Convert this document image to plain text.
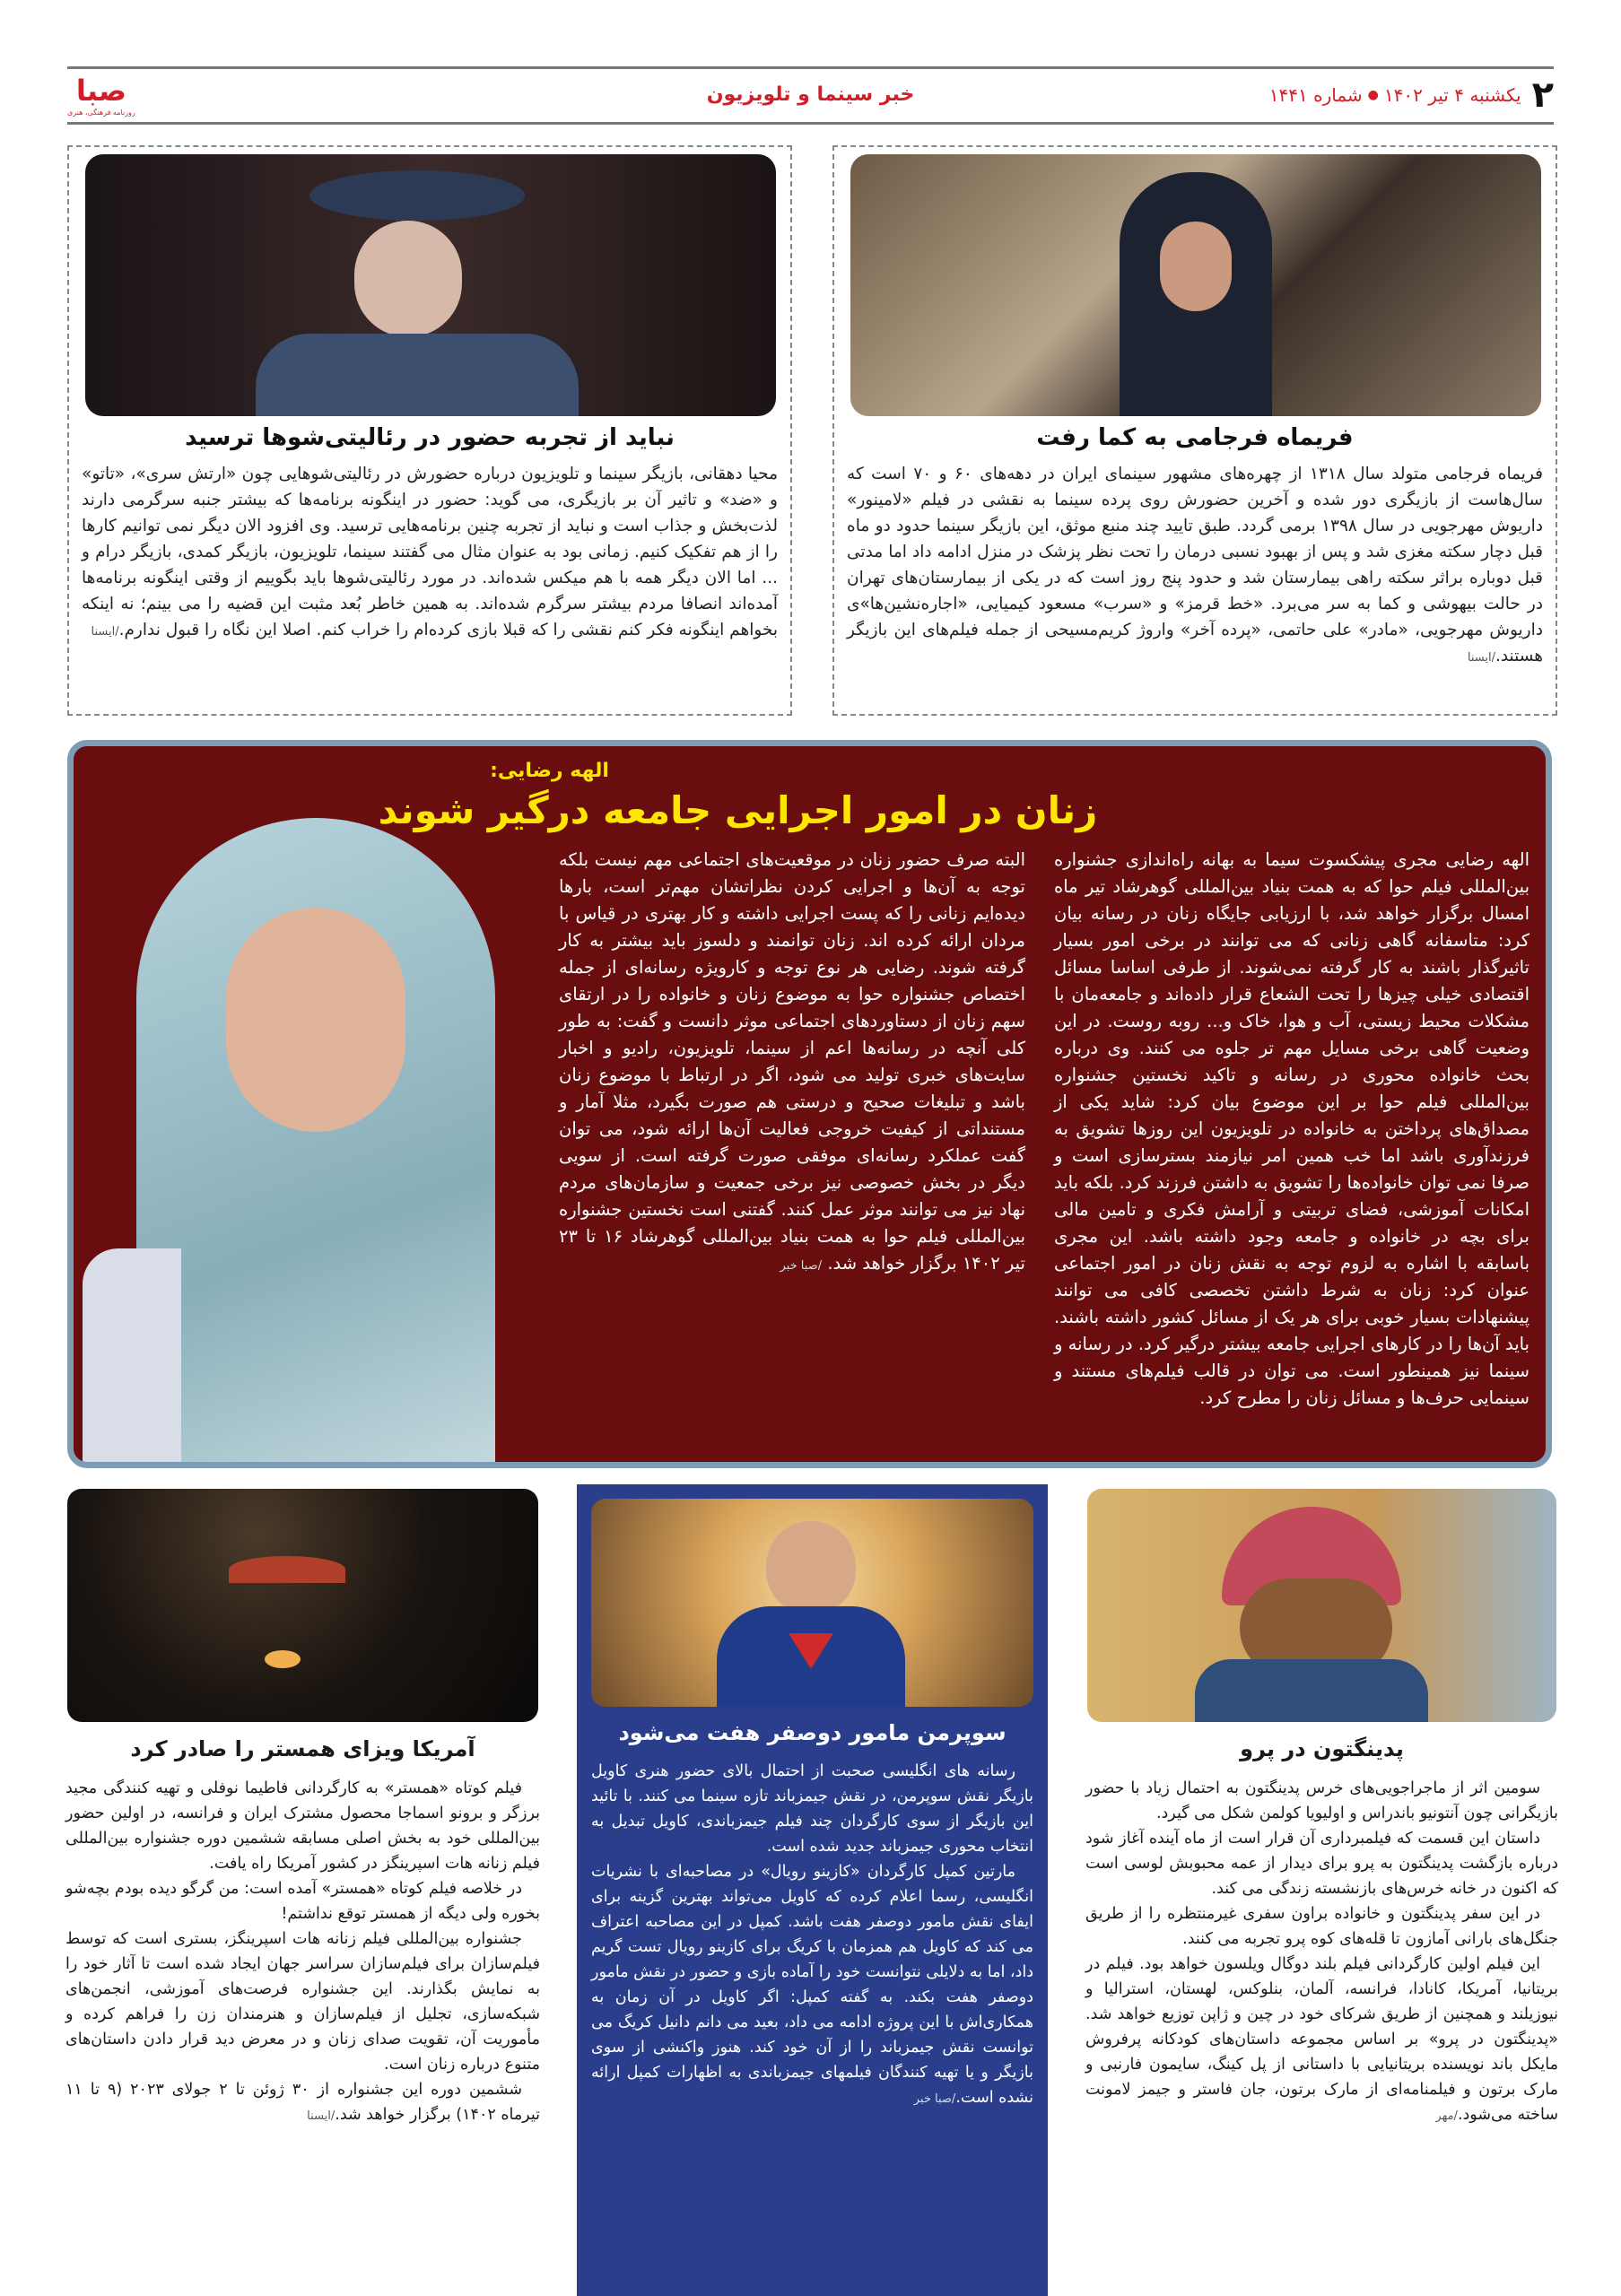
۲
یکشنبه ۴ تیر ۱۴۰۲
●
شماره ۱۴۴۱
خبر سینما و تلویزیون
صبا
روزنامه فرهنگی، هنری
فریماه فرجامی به کما رفت

فریماه فرجامی متولد سال ۱۳۱۸ از چهره‌های مشهور سینمای ایران در دهه‌های ۶۰ و ۷۰ است که سال‌هاست از بازیگری دور شده و آخرین حضورش روی پرده سینما به نقشی در فیلم «لامینور» داریوش مهرجویی در سال ۱۳۹۸ برمی گردد. طبق تایید چند منبع موثق، این بازیگر سینما حدود دو ماه قبل دچار سکته مغزی شد و پس از بهبود نسبی درمان را تحت نظر پزشک در منزل ادامه داد اما مدتی قبل دوباره براثر سکته راهی بیمارستان شد و حدود پنج روز است که در یکی از بیمارستان‌های تهران در حالت بیهوشی و کما به سر می‌برد. «خط قرمز» و «سرب» مسعود کیمیایی، «اجاره‌نشین‌ها»ی داریوش مهرجویی، «مادر» علی حاتمی، «پرده آخر» واروژ کریم‌مسیحی از جمله فیلم‌های این بازیگر هستند./ایسنا

نباید از تجربه حضور در رئالیتی‌شوها ترسید

محیا دهقانی، بازیگر سینما و تلویزیون درباره حضورش در رئالیتی‌شوهایی چون «ارتش سری»، «تاتو» و «ضد» و تاثیر آن بر بازیگری، می گوید: حضور در اینگونه برنامه‌ها که بیشتر جنبه سرگرمی دارند لذت‌بخش و جذاب است و نباید از تجربه چنین برنامه‌هایی ترسید. وی افزود الان دیگر نمی توانیم کارها را از هم تفکیک کنیم. زمانی بود به عنوان مثال می گفتند سینما، تلویزیون، بازیگر کمدی، بازیگر درام و ... اما الان دیگر همه با هم میکس شده‌اند. در مورد رئالیتی‌شوها باید بگوییم از وقتی اینگونه برنامه‌ها آمده‌اند انصافا مردم بیشتر سرگرم شده‌اند. به همین خاطر بُعد مثبت این قضیه را می بینم؛ نه اینکه بخواهم اینگونه فکر کنم نقشی را که قبلا بازی کرده‌ام را خراب کنم. اصلا این نگاه را قبول ندارم./ایسنا

الهه رضایی:
زنان در امور اجرایی جامعه درگیر شوند

الهه رضایی مجری پیشکسوت سیما به بهانه راه‌اندازی جشنواره بین‌المللی فیلم حوا که به همت بنیاد بین‌المللی گوهرشاد تیر ماه امسال برگزار خواهد شد، با ارزیابی جایگاه زنان در رسانه بیان کرد: متاسفانه گاهی زنانی که می توانند در برخی امور بسیار تاثیرگذار باشند به کار گرفته نمی‌شوند. از طرفی اساسا مسائل اقتصادی خیلی چیزها را تحت الشعاع قرار داده‌اند و جامعه‌مان با مشکلات محیط زیستی، آب و هوا، خاک و... روبه روست. در این وضعیت گاهی برخی مسایل مهم تر جلوه می کنند. وی درباره بحث خانواده محوری در رسانه و تاکید نخستین جشنواره بین‌المللی فیلم حوا بر این موضوع بیان کرد: شاید یکی از مصداق‌های پرداختن به خانواده در تلویزیون این روزها تشویق به فرزندآوری باشد اما خب همین امر نیازمند بسترسازی است و صرفا نمی توان خانواده‌ها را تشویق به داشتن فرزند کرد. بلکه باید امکانات آموزشی، فضای تربیتی و آرامش فکری و تامین مالی برای بچه در خانواده و جامعه وجود داشته باشد. این مجری باسابقه با اشاره به لزوم توجه به نقش زنان در امور اجتماعی عنوان کرد: زنان به شرط داشتن تخصصی کافی می توانند پیشنهادات بسیار خوبی برای هر یک از مسائل کشور داشته باشند. باید آن‌ها را در کارهای اجرایی جامعه بیشتر درگیر کرد. در رسانه و سینما نیز همینطور است. می توان در قالب فیلم‌های مستند و سینمایی حرف‌ها و مسائل زنان را مطرح کرد.

البته صرف حضور زنان در موقعیت‌های اجتماعی مهم نیست بلکه توجه به آن‌ها و اجرایی کردن نظراتشان مهم‌تر است، بارها دیده‌ایم زنانی را که پست اجرایی داشته و کار بهتری در قیاس با مردان ارائه کرده اند. زنان توانمند و دلسوز باید بیشتر به کار گرفته شوند. رضایی هر نوع توجه و کارویژه رسانه‌ای از جمله اختصاص جشنواره حوا به موضوع زنان و خانواده را در ارتقای سهم زنان از دستاوردهای اجتماعی موثر دانست و گفت: به طور کلی آنچه در رسانه‌ها اعم از سینما، تلویزیون، رادیو و اخبار سایت‌های خبری تولید می شود، اگر در ارتباط با موضوع زنان باشد و تبلیغات صحیح و درستی هم صورت بگیرد، مثلا آمار و مستنداتی از کیفیت خروجی فعالیت آن‌ها ارائه شود، می توان گفت عملکرد رسانه‌ای موفقی صورت گرفته است. از سویی دیگر در بخش خصوصی نیز برخی جمعیت و سازمان‌های مردم نهاد نیز می توانند موثر عمل کنند. گفتنی است نخستین جشنواره بین‌المللی فیلم حوا به همت بنیاد بین‌المللی گوهرشاد ۱۶ تا ۲۳ تیر ۱۴۰۲ برگزار خواهد شد. /صبا خبر

پدینگتون در پرو

سومین اثر از ماجراجویی‌های خرس پدینگتون به احتمال زیاد با حضور بازیگرانی چون آنتونیو باندراس و اولیویا کولمن شکل می گیرد.

داستان این قسمت که فیلمبرداری آن قرار است از ماه آینده آغاز شود درباره بازگشت پدینگتون به پرو برای دیدار از عمه محبوبش لوسی است که اکنون در خانه خرس‌های بازنشسته زندگی می کند.

در این سفر پدینگتون و خانواده براون سفری غیرمنتظره را از طریق جنگل‌های بارانی آمازون تا قله‌های کوه پرو تجربه می کنند.

این فیلم اولین کارگردانی فیلم بلند دوگال ویلسون خواهد بود. فیلم در بریتانیا، آمریکا، کانادا، فرانسه، آلمان، بنلوکس، لهستان، استرالیا و نیوزیلند و همچنین از طریق شرکای خود در چین و ژاپن توزیع خواهد شد. «پدینگتون در پرو» بر اساس مجموعه داستان‌های کودکانه پرفروش مایکل باند نویسنده بریتانیایی با داستانی از پل کینگ، سایمون فارنبی و مارک برتون و فیلمنامه‌ای از مارک برتون، جان فاستر و جیمز لامونت ساخته می‌شود./مهر

سوپرمن مامور دوصفر هفت می‌شود

رسانه های انگلیسی صحبت از احتمال بالای حضور هنری کاویل بازیگر نقش سوپرمن، در نقش جیمزباند تازه سینما می کنند. با تائید این بازیگر از سوی کارگردان چند فیلم جیمزباندی، کاویل تبدیل به انتخاب محوری جیمزباند جدید شده است.

مارتین کمپل کارگردان «کازینو رویال» در مصاحبه‌ای با نشریات انگلیسی، رسما اعلام کرده که کاویل می‌تواند بهترین گزینه برای ایفای نقش مامور دوصفر هفت باشد. کمپل در این مصاحبه اعتراف می کند که کاویل هم همزمان با کریگ برای کازینو رویال تست گریم داد، اما به دلایلی نتوانست خود را آماده بازی و حضور در نقش مامور دوصفر هفت بکند. به گفته کمپل: اگر کاویل در آن زمان به همکاری‌اش با این پروژه ادامه می داد، بعید می دانم دانیل کریگ می توانست نقش جیمزباند را از آن خود کند. هنوز واکنشی از سوی بازیگر و یا تهیه کنندگان فیلمهای جیمزباندی به اظهارات کمپل ارائه نشده است./صبا خبر

آمریکا ویزای همستر را صادر کرد

فیلم کوتاه «همستر» به کارگردانی فاطیما نوفلی و تهیه کنندگی مجید برزگر و برونو اسماجا محصول مشترک ایران و فرانسه، در اولین حضور بین‌المللی خود به بخش اصلی مسابقه ششمین دوره جشنواره بین‌المللی فیلم زنانه هات اسپرینگز در کشور آمریکا راه یافت.

در خلاصه فیلم کوتاه «همستر» آمده است: من گرگو دیده بودم بچه‌شو بخوره ولی دیگه از همستر توقع نداشتم!

جشنواره بین‌المللی فیلم زنانه هات اسپرینگز، بستری است که توسط فیلم‌سازان برای فیلم‌سازان سراسر جهان ایجاد شده است تا آثار خود را به نمایش بگذارند. این جشنواره فرصت‌های آموزشی، انجمن‌های شبکه‌سازی، تجلیل از فیلم‌سازان و هنرمندان زن را فراهم کرده و مأموریت آن، تقویت صدای زنان و در معرض دید قرار دادن داستان‌های متنوع درباره زنان است.

ششمین دوره این جشنواره از ۳۰ ژوئن تا ۲ جولای ۲۰۲۳ (۹ تا ۱۱ تیرماه ۱۴۰۲) برگزار خواهد شد./ایسنا
